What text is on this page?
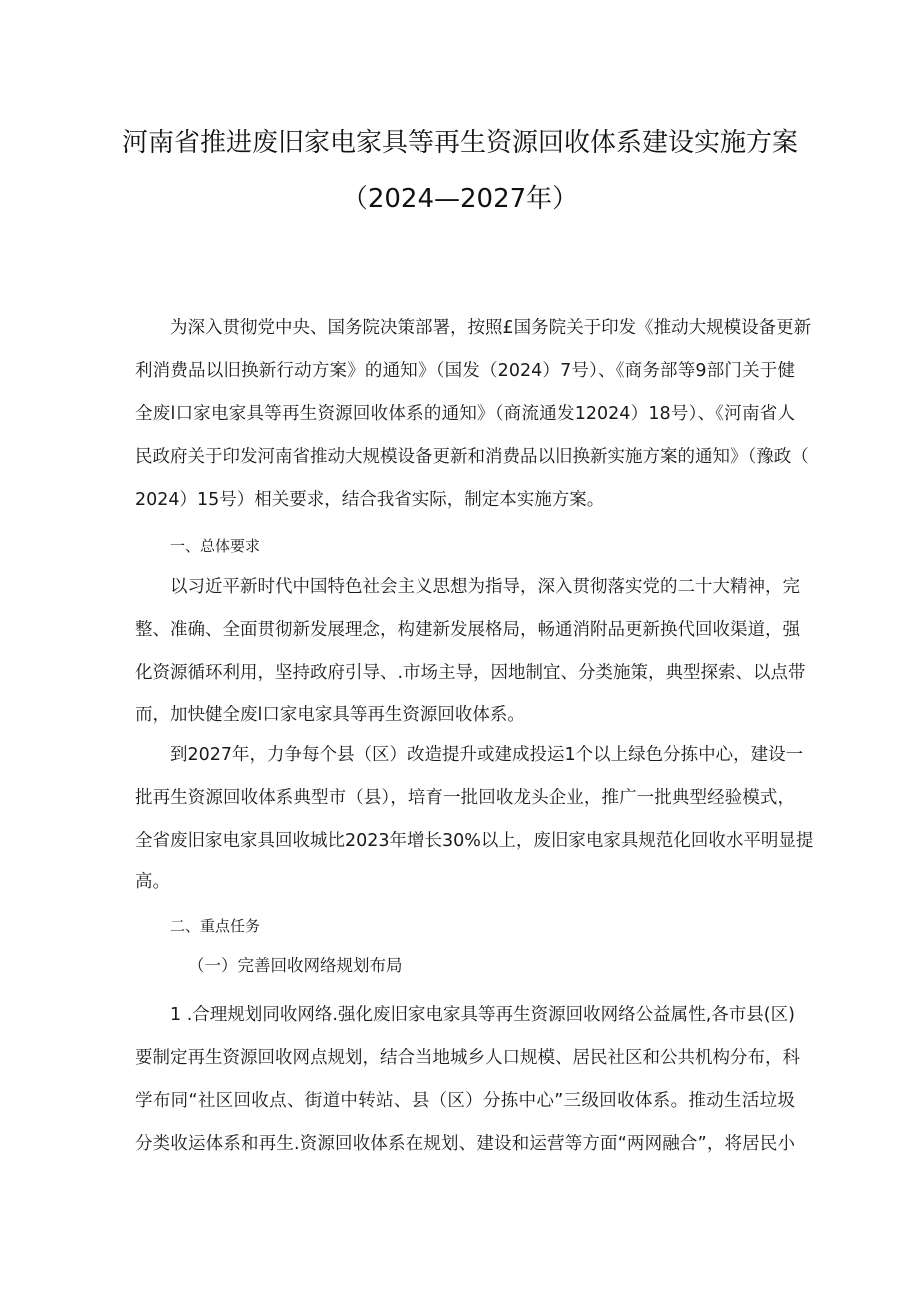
河南省推进废旧家电家具等再生资源回收体系建设实施方案
（2024—2027年）
为深入贯彻党中央、国务院决策部署，按照£国务院关于印发《推动大规模设备更新
利消费品以旧换新行动方案》的通知》（国发（2024）7号）、《商务部等9部门关于健
全废l口家电家具等再生资源回收体系的通知》（商流通发12024）18号）、《河南省人
民政府关于印发河南省推动大规模设备更新和消费品以旧换新实施方案的通知》（豫政（
2024）15号）相关要求，结合我省实际，制定本实施方案。
一、总体要求
以习近平新时代中国特色社会主义思想为指导，深入贯彻落实党的二十大精神，完
整、准确、全面贯彻新发展理念，构建新发展格局，畅通消附品更新换代回收渠道，强
化资源循环利用，坚持政府引导、.市场主导，因地制宜、分类施策，典型探索、以点带
而，加快健全废l口家电家具等再生资源回收体系。
到2027年，力争每个县（区）改造提升或建成投运1个以上绿色分拣中心，建设一
批再生资源回收体系典型市（县），培育一批回收龙头企业，推广一批典型经验模式，
全省废旧家电家具回收城比2023年增长30%以上，废旧家电家具规范化回收水平明显提
高。
二、重点任务
（一）完善回收网络规划布局
1 .合理规划同收网络.强化废旧家电家具等再生资源回收网络公益属性,各市县(区)
要制定再生资源回收网点规划，结合当地城乡人口规模、居民社区和公共机构分布，科
学布同“社区回收点、街道中转站、县（区）分拣中心”三级回收体系。推动生活垃圾
分类收运体系和再生.资源回收体系在规划、建设和运营等方面“两网融合”，将居民小
